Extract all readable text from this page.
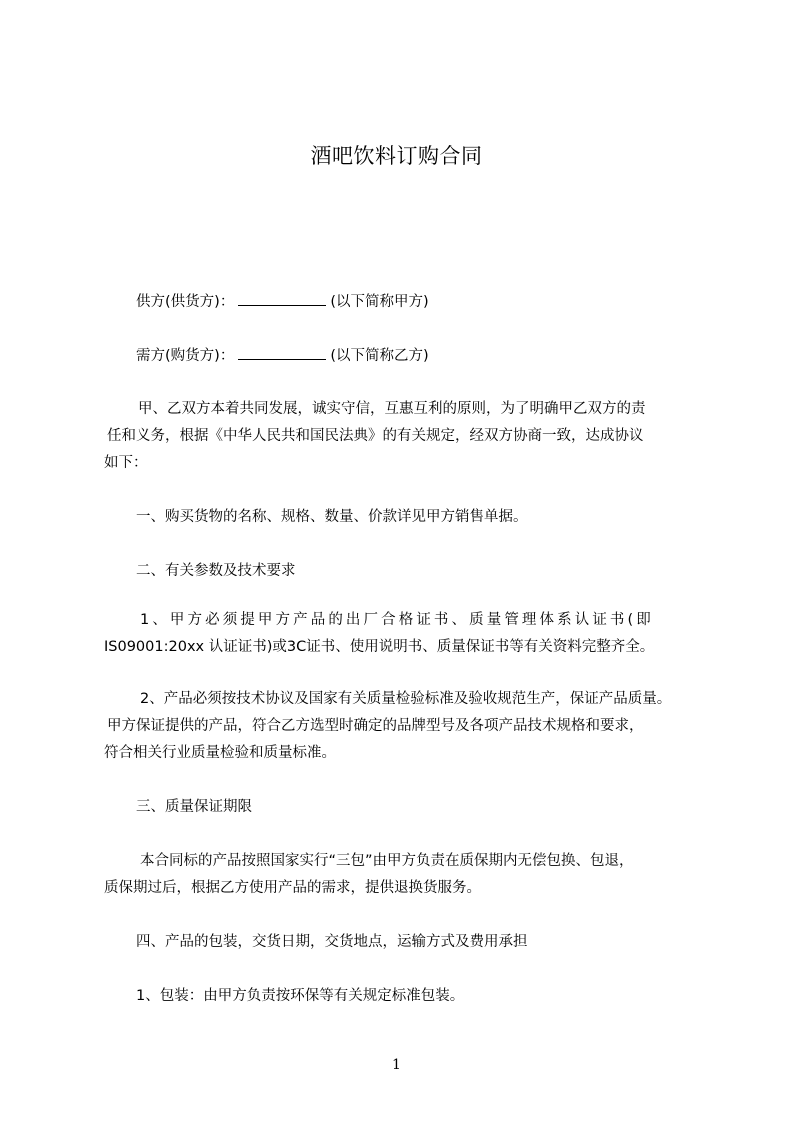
酒吧饮料订购合同
供方(供货方)：	(以下简称甲方)
需方(购货方)：	(以下简称乙方)
甲、乙双方本着共同发展，诚实守信，互惠互利的原则，为了明确甲乙双方的责
任和义务，根据《中华人民共和国民法典》的有关规定，经双方协商一致，达成协议
如下：
一、购买货物的名称、规格、数量、价款详见甲方销售单据。
二、有关参数及技术要求
1、甲方必须提甲方产品的出厂合格证书、质量管理体系认证书(即
IS09001:20xx 认证证书)或3C证书、使用说明书、质量保证书等有关资料完整齐全。
2、产品必须按技术协议及国家有关质量检验标准及验收规范生产，保证产品质量。
甲方保证提供的产品，符合乙方选型时确定的品牌型号及各项产品技术规格和要求，
符合相关行业质量检验和质量标准。
三、质量保证期限
本合同标的产品按照国家实行“三包”由甲方负责在质保期内无偿包换、包退，
质保期过后，根据乙方使用产品的需求，提供退换货服务。
四、产品的包装，交货日期，交货地点，运输方式及费用承担
1、包装：由甲方负责按环保等有关规定标准包装。
1
